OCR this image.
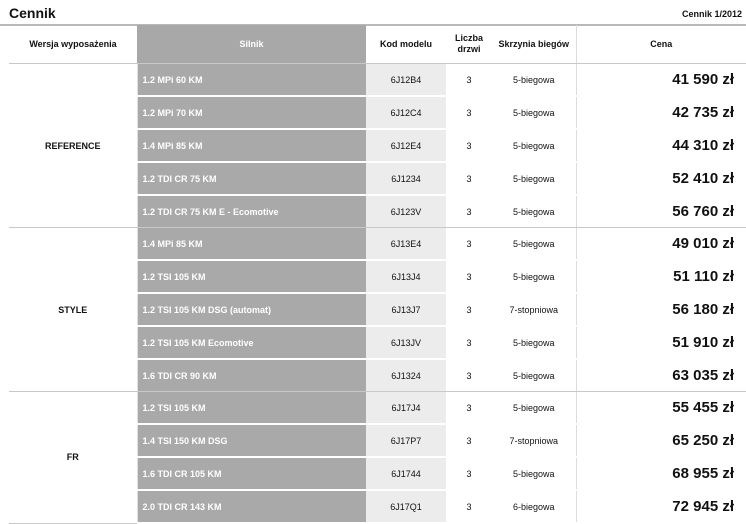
Cennik	Cennik 1/2012
Wersja wyposażenia	Silnik	Kod modelu	Liczba
drzwi	Skrzynia biegów	Cena
REFERENCE	1.2 MPi 60 KM	6J12B4	3	5-biegowa	41 590 zł
	1.2 MPi 70 KM	6J12C4	3	5-biegowa	42 735 zł
	1.4 MPi 85 KM	6J12E4	3	5-biegowa	44 310 zł
	1.2 TDI CR 75 KM	6J1234	3	5-biegowa	52 410 zł
	1.2 TDI CR 75 KM E - Ecomotive	6J123V	3	5-biegowa	56 760 zł
STYLE	1.4 MPi 85 KM	6J13E4	3	5-biegowa	49 010 zł
	1.2 TSI 105 KM	6J13J4	3	5-biegowa	51 110 zł
	1.2 TSI 105 KM DSG (automat)	6J13J7	3	7-stopniowa	56 180 zł
	1.2 TSI 105 KM Ecomotive	6J13JV	3	5-biegowa	51 910 zł
	1.6 TDI CR 90 KM	6J1324	3	5-biegowa	63 035 zł
FR	1.2 TSI 105 KM	6J17J4	3	5-biegowa	55 455 zł
	1.4 TSI 150 KM DSG	6J17P7	3	7-stopniowa	65 250 zł
	1.6 TDI CR 105 KM	6J1744	3	5-biegowa	68 955 zł
	2.0 TDI CR 143 KM	6J17Q1	3	6-biegowa	72 945 zł
